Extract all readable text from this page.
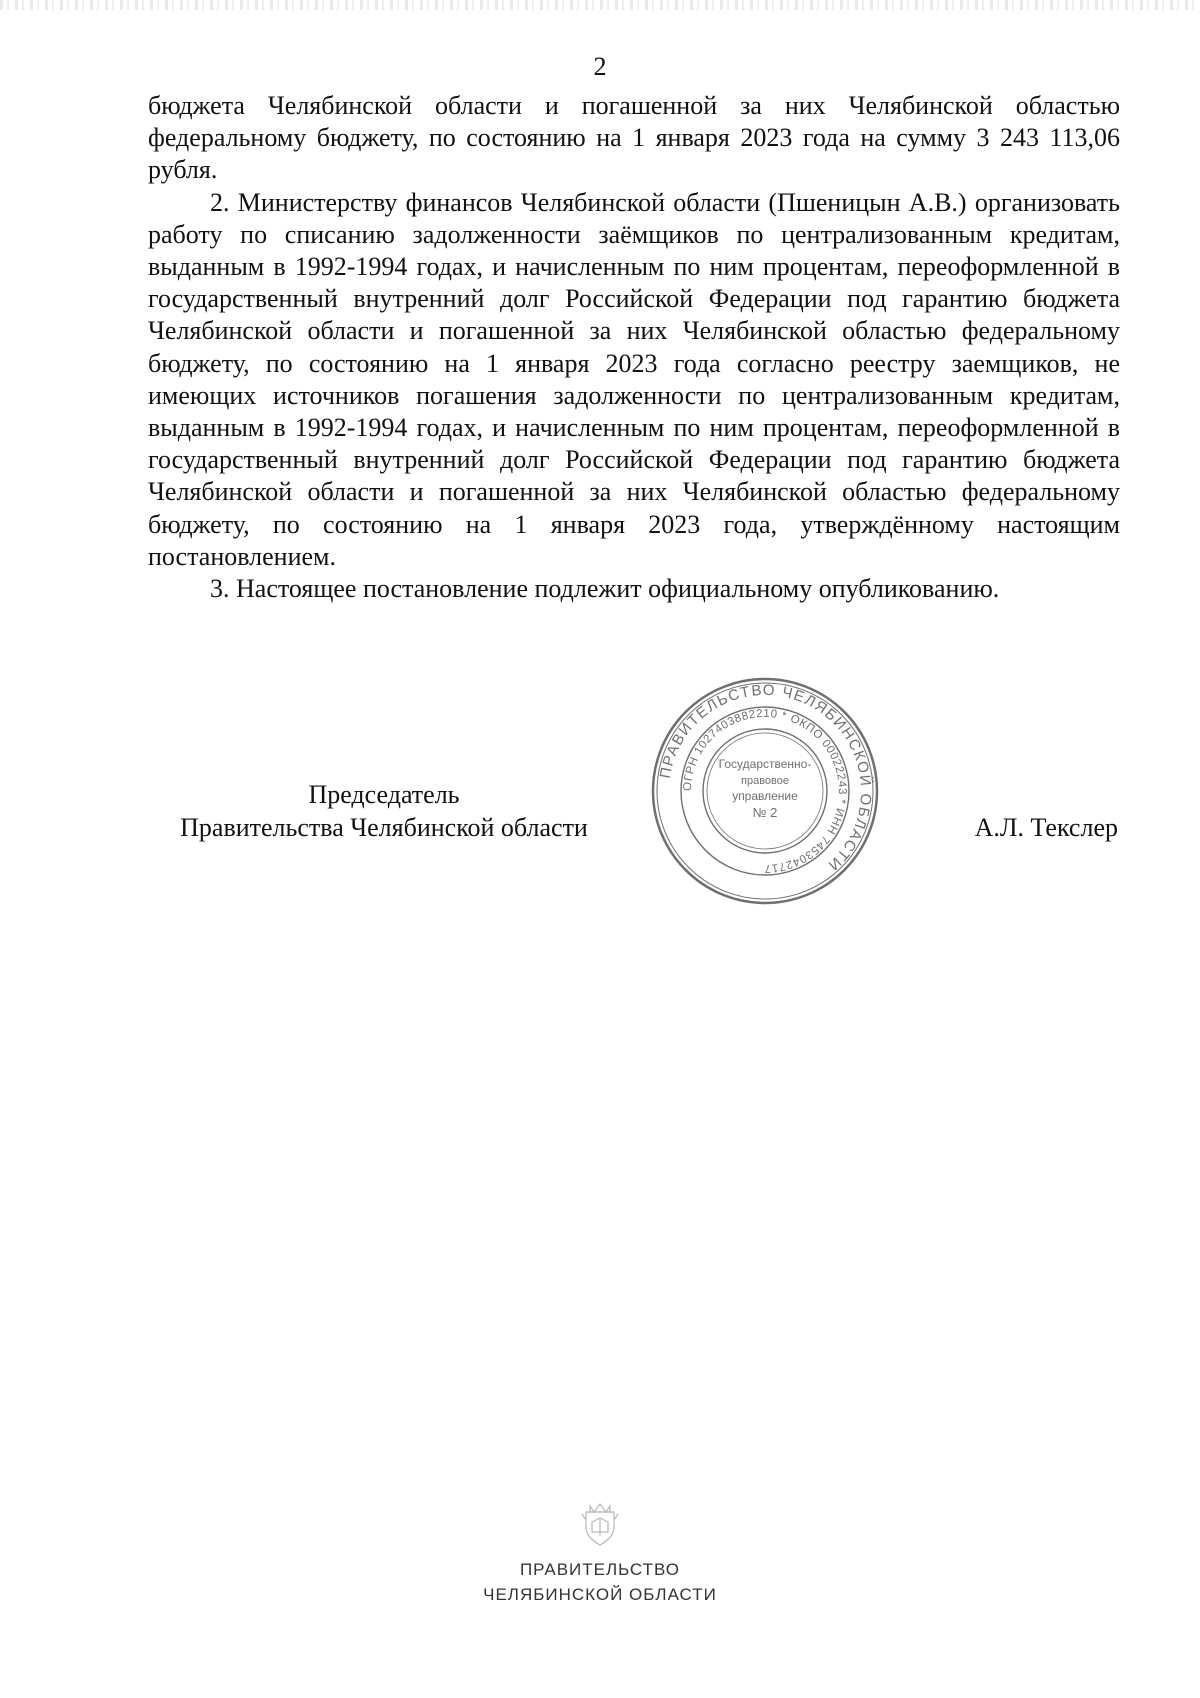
2

бюджета Челябинской области и погашенной за них Челябинской областью федеральному бюджету, по состоянию на 1 января 2023 года на сумму 3 243 113,06 рубля.

2. Министерству финансов Челябинской области (Пшеницын А.В.) организовать работу по списанию задолженности заёмщиков по централизованным кредитам, выданным в 1992-1994 годах, и начисленным по ним процентам, переоформленной в государственный внутренний долг Российской Федерации под гарантию бюджета Челябинской области и погашенной за них Челябинской областью федеральному бюджету, по состоянию на 1 января 2023 года согласно реестру заемщиков, не имеющих источников погашения задолженности по централизованным кредитам, выданным в 1992-1994 годах, и начисленным по ним процентам, переоформленной в государственный внутренний долг Российской Федерации под гарантию бюджета Челябинской области и погашенной за них Челябинской областью федеральному бюджету, по состоянию на 1 января 2023 года, утверждённому настоящим постановлением.

3. Настоящее постановление подлежит официальному опубликованию.

Председатель
Правительства Челябинской области	А.Л. Текслер
ПРАВИТЕЛЬСТВО ЧЕЛЯБИНСКОЙ ОБЛАСТИ
ОГРН 1027403882210 * ОКПО 00022243 * ИНН 7453042717
Государственно-
правовое
управление
№ 2
ПРАВИТЕЛЬСТВО
ЧЕЛЯБИНСКОЙ ОБЛАСТИ
